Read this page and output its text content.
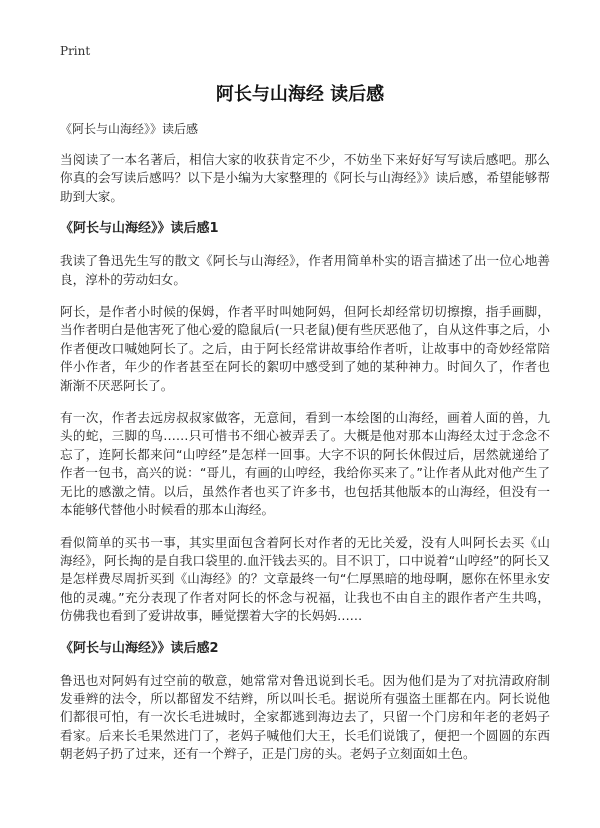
Print
阿长与山海经 读后感

《阿长与山海经》》读后感

当阅读了一本名著后，相信大家的收获肯定不少，不妨坐下来好好写写读后感吧。那么你真的会写读后感吗？以下是小编为大家整理的《阿长与山海经》》读后感，希望能够帮助到大家。

《阿长与山海经》》读后感1

我读了鲁迅先生写的散文《阿长与山海经》，作者用简单朴实的语言描述了出一位心地善良，淳朴的劳动妇女。

阿长，是作者小时候的保姆，作者平时叫她阿妈，但阿长却经常切切擦擦，指手画脚，当作者明白是他害死了他心爱的隐鼠后(一只老鼠)便有些厌恶他了，自从这件事之后，小作者便改口喊她阿长了。之后，由于阿长经常讲故事给作者听，让故事中的奇妙经常陪伴小作者，年少的作者甚至在阿长的絮叨中感受到了她的某种神力。时间久了，作者也渐渐不厌恶阿长了。

有一次，作者去远房叔叔家做客，无意间，看到一本绘图的山海经，画着人面的兽，九头的蛇，三脚的鸟……只可惜书不细心被弄丢了。大概是他对那本山海经太过于念念不忘了，连阿长都来问“山哼经”是怎样一回事。大字不识的阿长休假过后，居然就递给了作者一包书，高兴的说：“哥儿，有画的山哼经，我给你买来了。”让作者从此对他产生了无比的感激之情。以后，虽然作者也买了许多书，也包括其他版本的山海经，但没有一本能够代替他小时候看的那本山海经。

看似简单的买书一事，其实里面包含着阿长对作者的无比关爱，没有人叫阿长去买《山海经》，阿长掏的是自我口袋里的.血汗钱去买的。目不识丁，口中说着“山哼经”的阿长又是怎样费尽周折买到《山海经》的？文章最终一句“仁厚黑暗的地母啊，愿你在怀里永安他的灵魂。”充分表现了作者对阿长的怀念与祝福，让我也不由自主的跟作者产生共鸣，仿佛我也看到了爱讲故事，睡觉摆着大字的长妈妈……

《阿长与山海经》》读后感2

鲁迅也对阿妈有过空前的敬意，她常常对鲁迅说到长毛。因为他们是为了对抗清政府制发垂辫的法令，所以都留发不结辫，所以叫长毛。据说所有强盗土匪都在内。阿长说他们都很可怕，有一次长毛进城时，全家都逃到海边去了，只留一个门房和年老的老妈子看家。后来长毛果然进门了，老妈子喊他们大王，长毛们说饿了，便把一个圆圆的东西朝老妈子扔了过来，还有一个辫子，正是门房的头。老妈子立刻面如土色。
